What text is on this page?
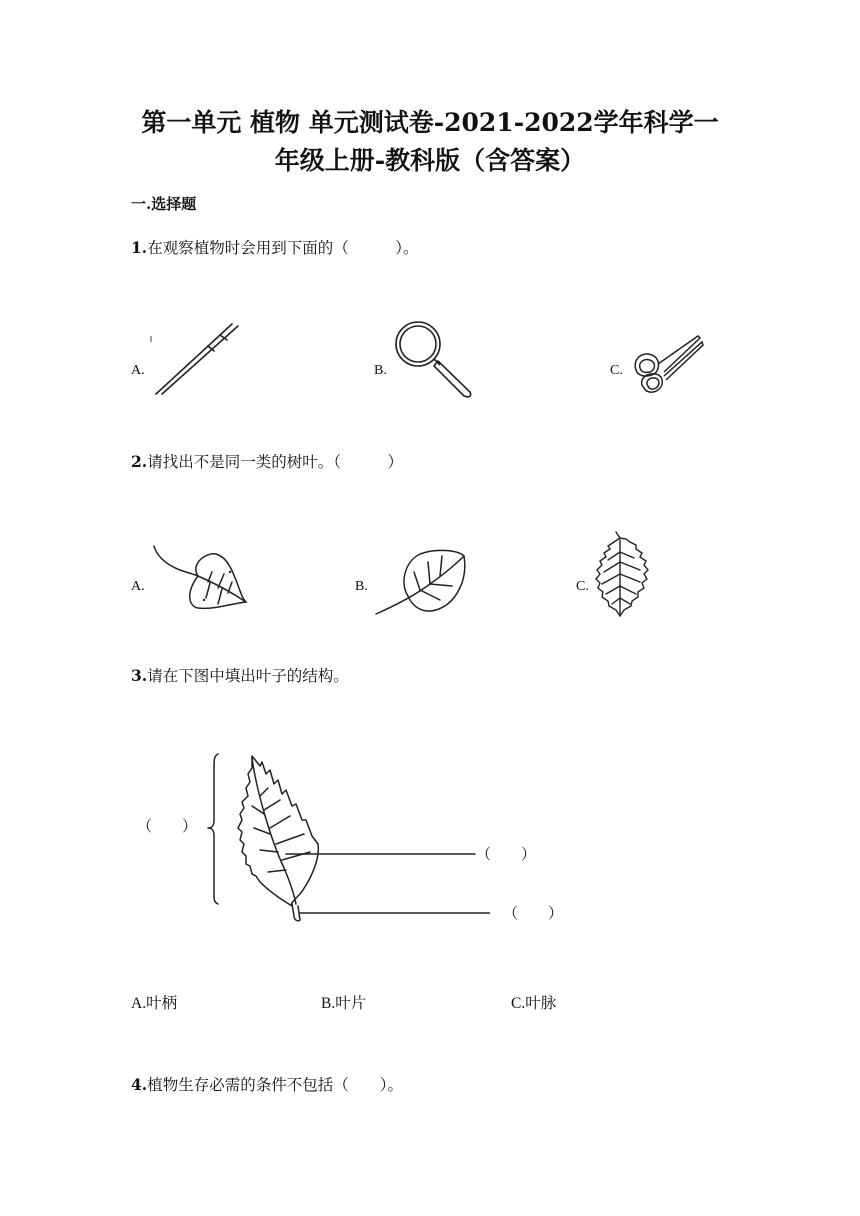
第一单元 植物 单元测试卷-2021-2022学年科学一
年级上册-教科版（含答案）
一.选择题
1.在观察植物时会用到下面的（　　　）。
A.	B.	C.
2.请找出不是同一类的树叶。（　　　）
A.	B.	C.
3.请在下图中填出叶子的结构。
（　　）
（　　）
（　　）
A.叶柄	B.叶片	C.叶脉
4.植物生存必需的条件不包括（　　）。
